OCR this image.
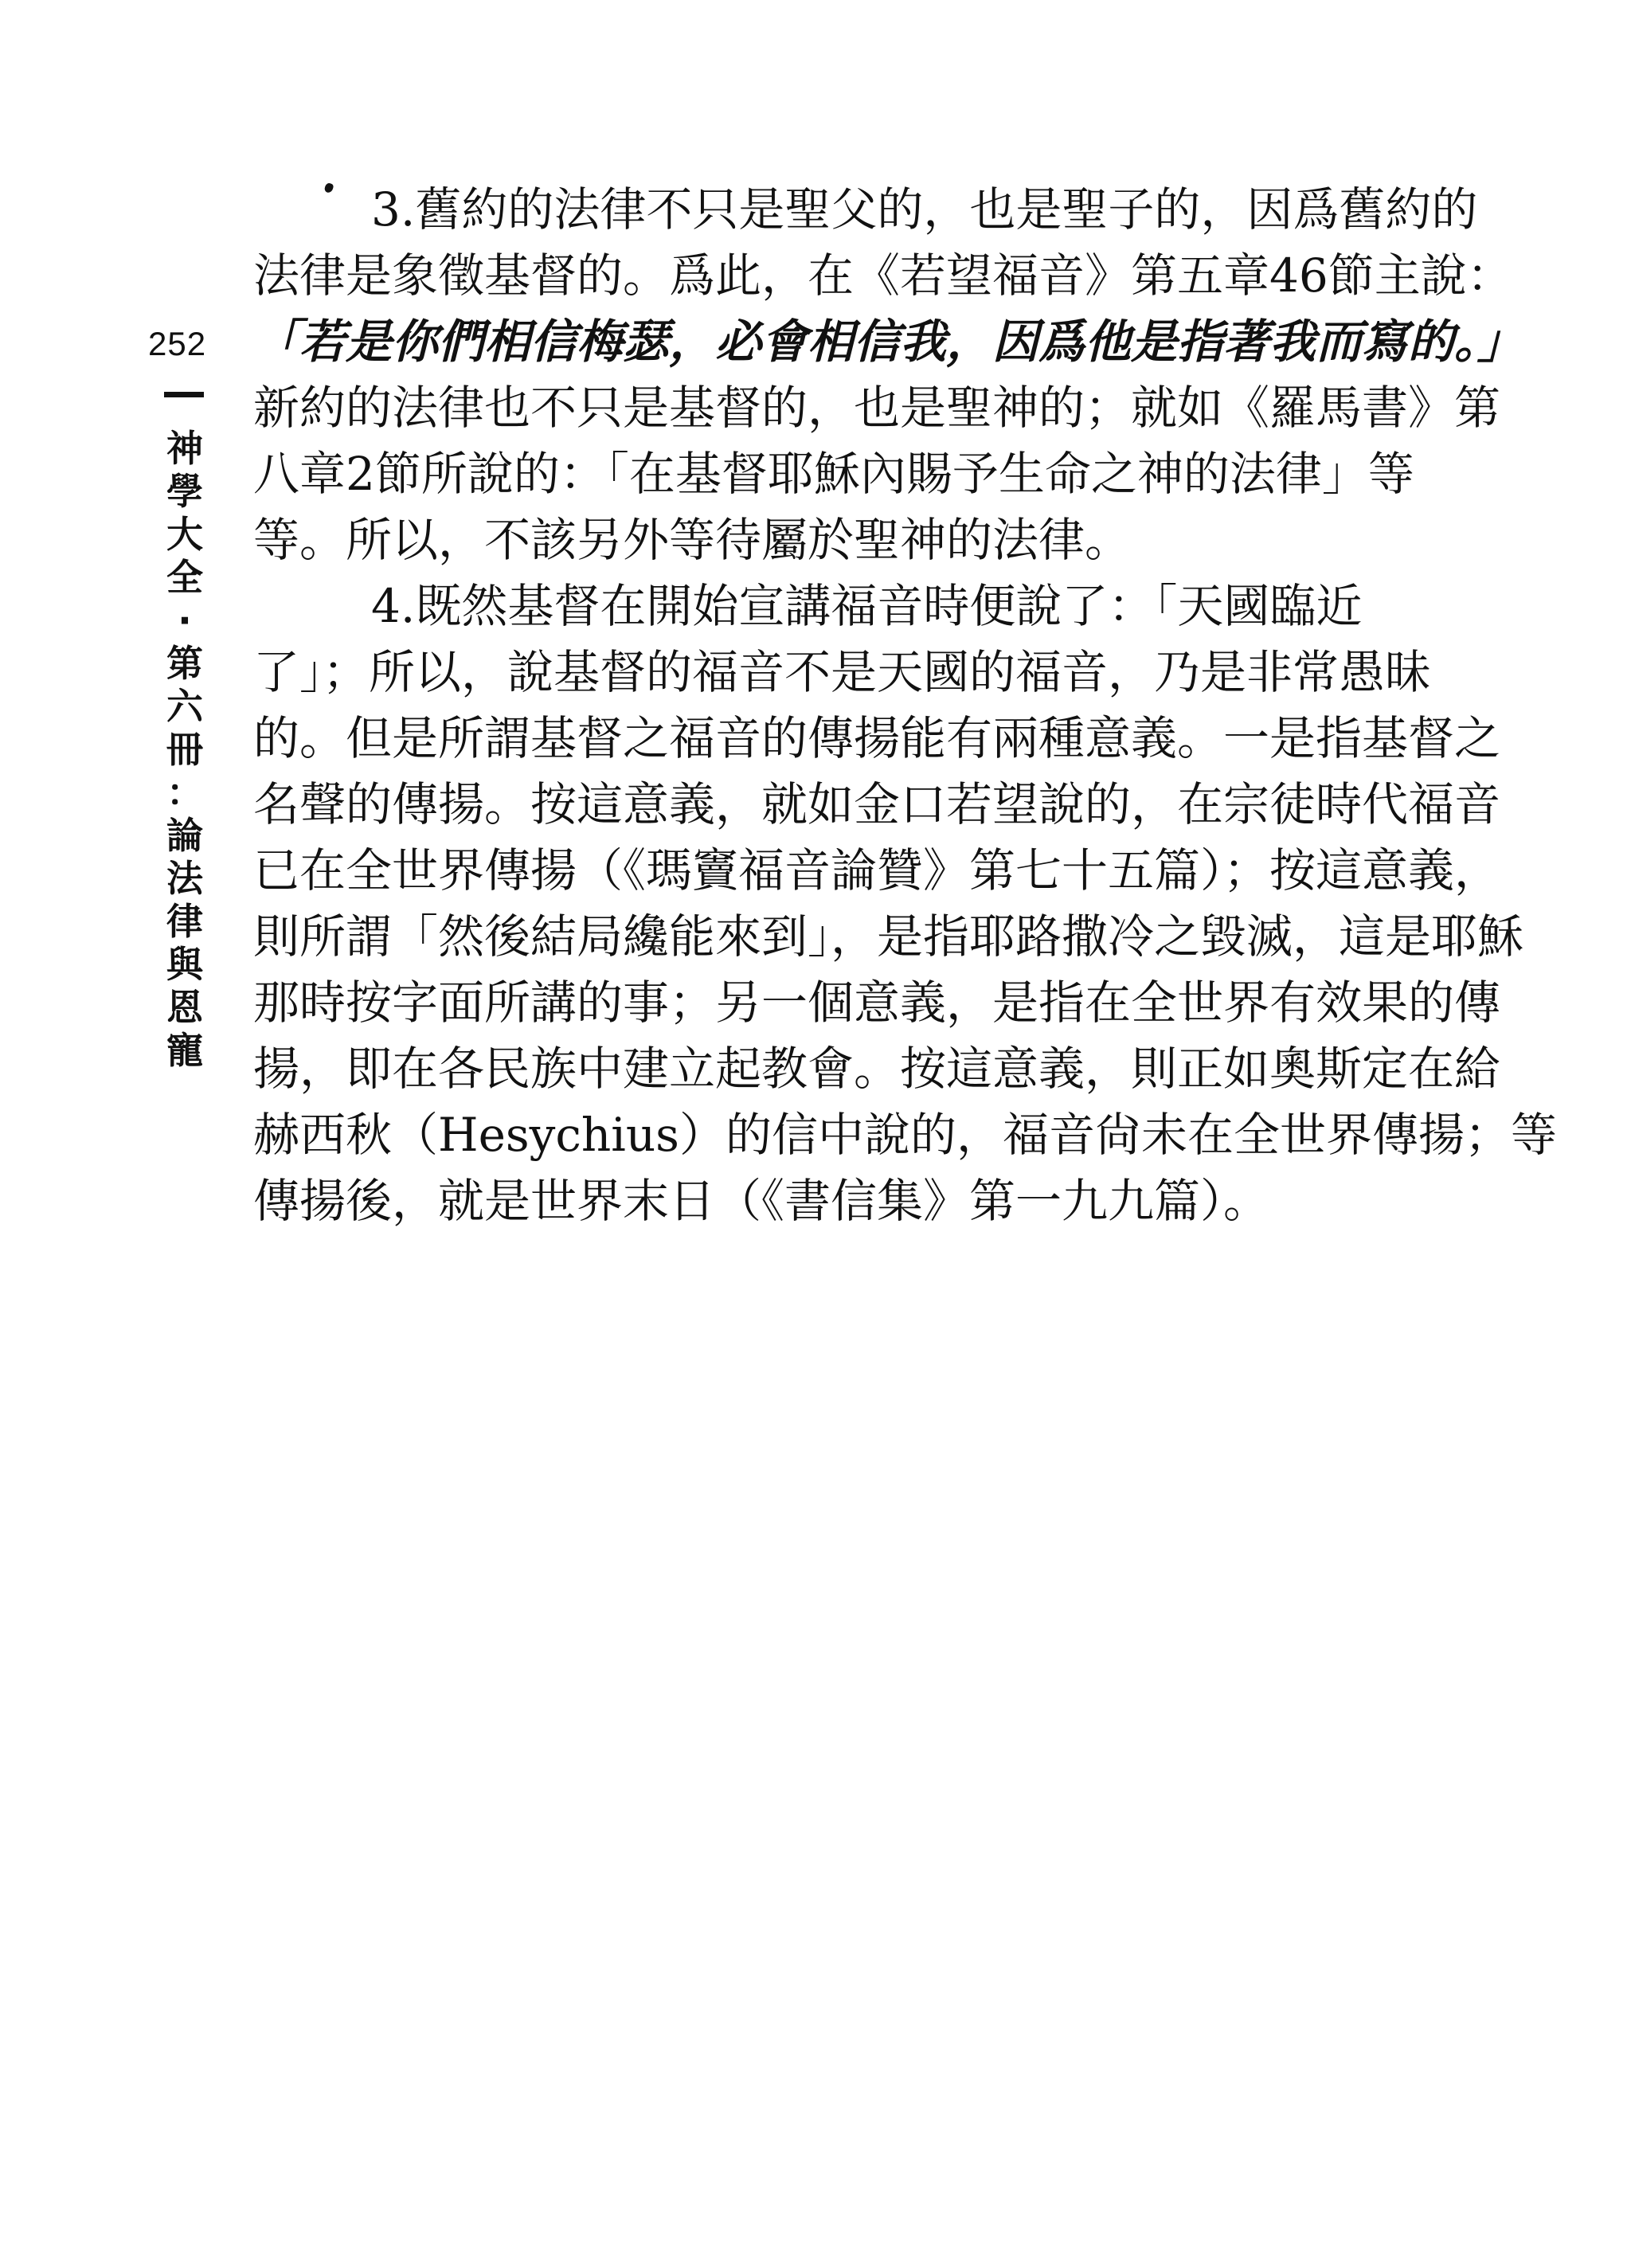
252
神
學
大
全
·
第
六
冊
：
論
法
律
與
恩
寵
3.舊約的法律不只是聖父的，也是聖子的，因爲舊約的
法律是象徵基督的。爲此，在《若望福音》第五章46節主說：
「若是你們相信梅瑟，必會相信我，因爲他是指著我而寫的。」
新約的法律也不只是基督的，也是聖神的；就如《羅馬書》第
八章2節所說的：「在基督耶穌內賜予生命之神的法律」等
等。所以，不該另外等待屬於聖神的法律。
4.既然基督在開始宣講福音時便說了：「天國臨近
了」；所以，說基督的福音不是天國的福音，乃是非常愚昧
的。但是所謂基督之福音的傳揚能有兩種意義。一是指基督之
名聲的傳揚。按這意義，就如金口若望說的，在宗徒時代福音
已在全世界傳揚（《瑪竇福音論贊》第七十五篇）；按這意義，
則所謂「然後結局纔能來到」，是指耶路撒冷之毀滅，這是耶穌
那時按字面所講的事；另一個意義，是指在全世界有效果的傳
揚，即在各民族中建立起教會。按這意義，則正如奧斯定在給
赫西秋（Hesychius）的信中說的，福音尙未在全世界傳揚；等
傳揚後，就是世界末日（《書信集》第一九九篇）。
